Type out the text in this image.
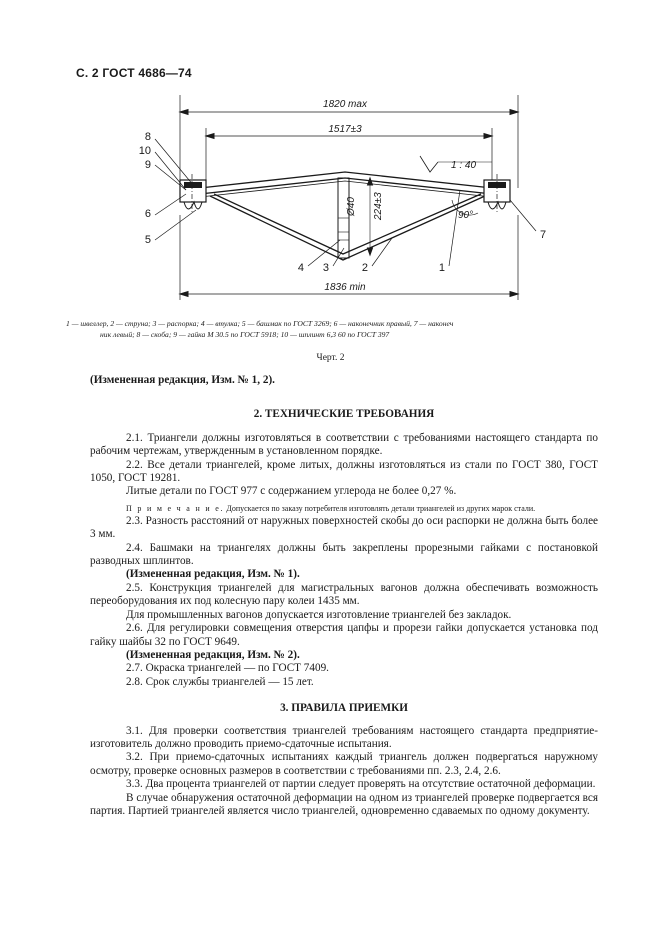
С. 2 ГОСТ 4686—74
1820 max
1517±3
Ø40 224±3
1 : 40
90°
8
10
9
6
5
4 3	2	1
7
1836 min
1 — швеллер, 2 — струна; 3 — распорка; 4 — втулка; 5 — башмак по ГОСТ 3269; 6 — наконечник правый, 7 — наконеч
ник левый; 8 — скоба; 9 — гайка М 30.5 по ГОСТ 5918; 10 — шплинт 6,3 60 по ГОСТ 397
Черт. 2

(Измененная редакция, Изм. № 1, 2).

2. ТЕХНИЧЕСКИЕ ТРЕБОВАНИЯ

2.1. Триангели должны изготовляться в соответствии с требованиями настоящего стандарта по рабочим чертежам, утвержденным в установленном порядке.

2.2. Все детали триангелей, кроме литых, должны изготовляться из стали по ГОСТ 380, ГОСТ 1050, ГОСТ 19281.

Литые детали по ГОСТ 977 с содержанием углерода не более 0,27 %.

П р и м е ч а н и е. Допускается по заказу потребителя изготовлять детали триангелей из других марок стали.

2.3. Разность расстояний от наружных поверхностей скобы до оси распорки не должна быть более 3 мм.

2.4. Башмаки на триангелях должны быть закреплены прорезными гайками с постановкой разводных шплинтов.

(Измененная редакция, Изм. № 1).

2.5. Конструкция триангелей для магистральных вагонов должна обеспечивать возможность переоборудования их под колесную пару колеи 1435 мм.

Для промышленных вагонов допускается изготовление триангелей без закладок.

2.6. Для регулировки совмещения отверстия цапфы и прорези гайки допускается установка под гайку шайбы 32 по ГОСТ 9649.

(Измененная редакция, Изм. № 2).

2.7. Окраска триангелей — по ГОСТ 7409.

2.8. Срок службы триангелей — 15 лет.

3. ПРАВИЛА ПРИЕМКИ

3.1. Для проверки соответствия триангелей требованиям настоящего стандарта предприятие-изготовитель должно проводить приемо-сдаточные испытания.

3.2. При приемо-сдаточных испытаниях каждый триангель должен подвергаться наружному осмотру, проверке основных размеров в соответствии с требованиями пп. 2.3, 2.4, 2.6.

3.3. Два процента триангелей от партии следует проверять на отсутствие остаточной деформации.

В случае обнаружения остаточной деформации на одном из триангелей проверке подвергается вся партия. Партией триангелей является число триангелей, одновременно сдаваемых по одному документу.
